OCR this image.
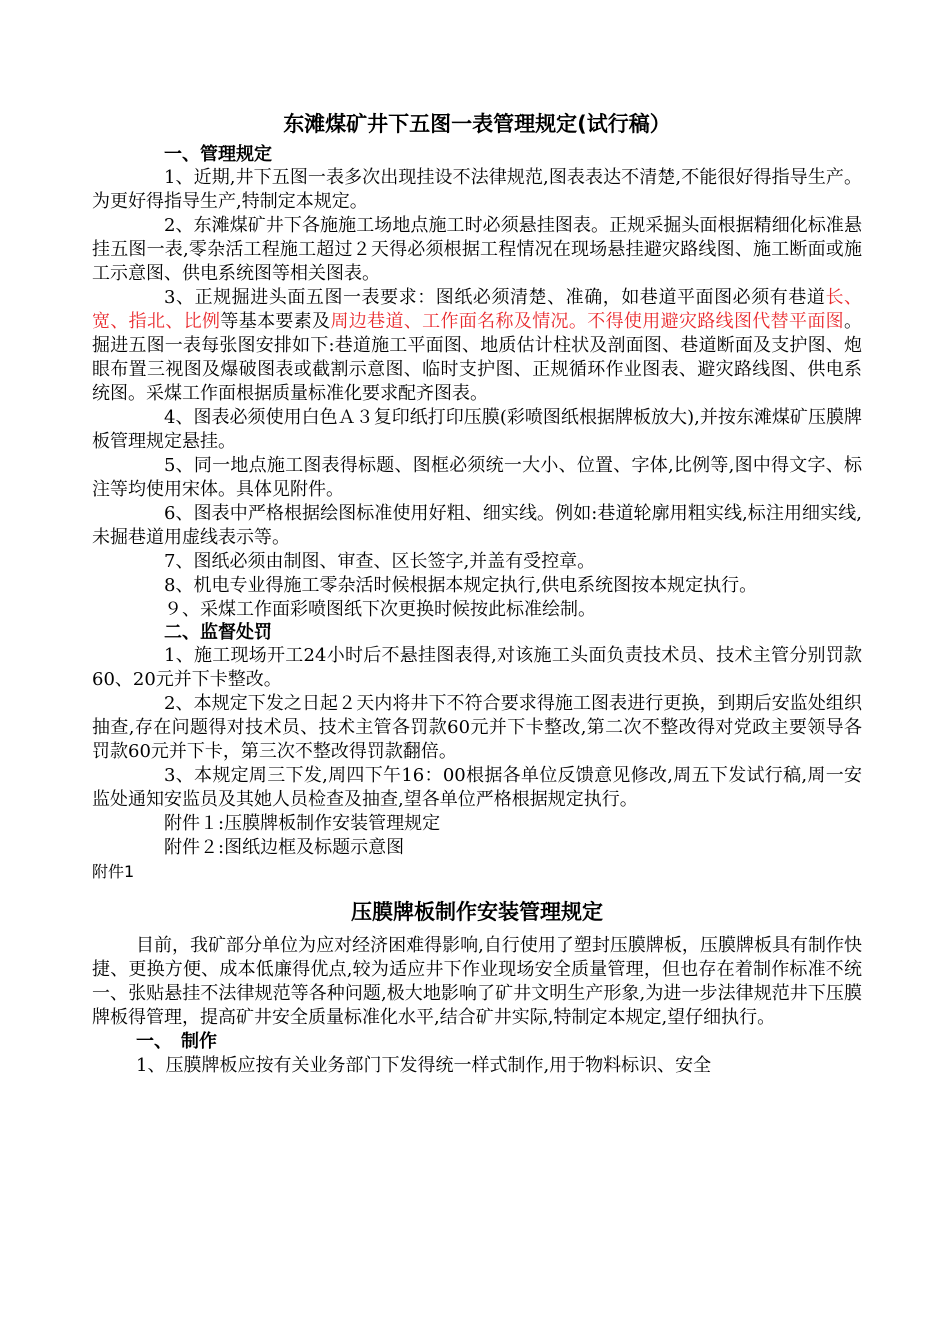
东滩煤矿井下五图一表管理规定(试行稿）
一、管理规定

1、近期,井下五图一表多次出现挂设不法律规范,图表表达不清楚,不能很好得指导生产。为更好得指导生产,特制定本规定。

2、东滩煤矿井下各施施工场地点施工时必须悬挂图表。正规采掘头面根据精细化标准悬挂五图一表,零杂活工程施工超过２天得必须根据工程情况在现场悬挂避灾路线图、施工断面或施工示意图、供电系统图等相关图表。

3、正规掘进头面五图一表要求：图纸必须清楚、准确，如巷道平面图必须有巷道长、宽、指北、比例等基本要素及周边巷道、工作面名称及情况。不得使用避灾路线图代替平面图。掘进五图一表每张图安排如下:巷道施工平面图、地质估计柱状及剖面图、巷道断面及支护图、炮眼布置三视图及爆破图表或截割示意图、临时支护图、正规循环作业图表、避灾路线图、供电系统图。采煤工作面根据质量标准化要求配齐图表。

4、图表必须使用白色Ａ３复印纸打印压膜(彩喷图纸根据牌板放大),并按东滩煤矿压膜牌板管理规定悬挂。

5、同一地点施工图表得标题、图框必须统一大小、位置、字体,比例等,图中得文字、标注等均使用宋体。具体见附件。

6、图表中严格根据绘图标准使用好粗、细实线。例如:巷道轮廓用粗实线,标注用细实线,未掘巷道用虚线表示等。

7、图纸必须由制图、审查、区长签字,并盖有受控章。

8、机电专业得施工零杂活时候根据本规定执行,供电系统图按本规定执行。

９、采煤工作面彩喷图纸下次更换时候按此标准绘制。

二、监督处罚

1、施工现场开工24小时后不悬挂图表得,对该施工头面负责技术员、技术主管分别罚款60、20元并下卡整改。

2、本规定下发之日起２天内将井下不符合要求得施工图表进行更换，到期后安监处组织抽查,存在问题得对技术员、技术主管各罚款60元并下卡整改,第二次不整改得对党政主要领导各罚款60元并下卡，第三次不整改得罚款翻倍。

3、本规定周三下发,周四下午16：00根据各单位反馈意见修改,周五下发试行稿,周一安监处通知安监员及其她人员检查及抽查,望各单位严格根据规定执行。

附件１:压膜牌板制作安装管理规定

附件２:图纸边框及标题示意图

附件1

压膜牌板制作安装管理规定

目前，我矿部分单位为应对经济困难得影响,自行使用了塑封压膜牌板，压膜牌板具有制作快捷、更换方便、成本低廉得优点,较为适应井下作业现场安全质量管理，但也存在着制作标准不统一、张贴悬挂不法律规范等各种问题,极大地影响了矿井文明生产形象,为进一步法律规范井下压膜牌板得管理，提高矿井安全质量标准化水平,结合矿井实际,特制定本规定,望仔细执行。

一、　制作

1、压膜牌板应按有关业务部门下发得统一样式制作,用于物料标识、安全
